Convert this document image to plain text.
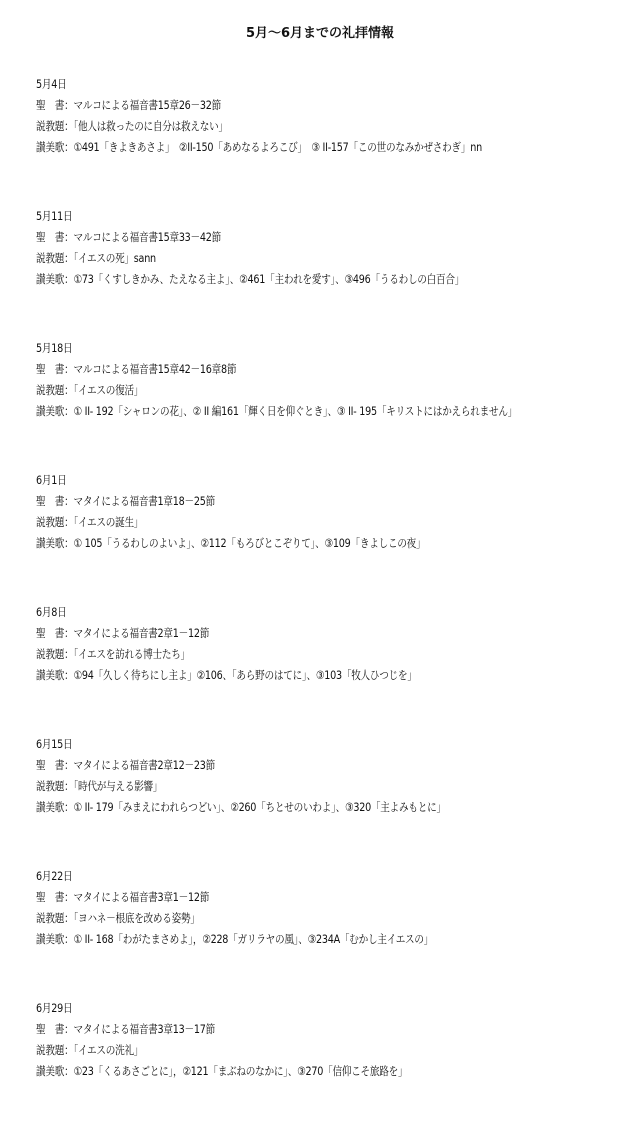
5月～6月までの礼拝情報
5月4日
聖　書：マルコによる福音書15章26－32節
説教題：「他人は救ったのに自分は救えない」
讃美歌：①491「きよきあさよ」　②II-150「あめなるよろこび」　③ II-157「この世のなみかぜさわぎ」nn
5月11日
聖　書：マルコによる福音書15章33－42節
説教題：「イエスの死」sann
讃美歌：①73「くすしきかみ、たえなる主よ」、②461「主われを愛す」、③496「うるわしの白百合」
5月18日
聖　書：マルコによる福音書15章42－16章8節
説教題：「イエスの復活」
讃美歌：① II- 192「シャロンの花」、② II 編161「輝く日を仰ぐとき」、③ II- 195「キリストにはかえられません」
6月1日
聖　書：マタイによる福音書1章18－25節
説教題：「イエスの誕生」
讃美歌：① 105「うるわしのよいよ」、②112「もろびとこぞりて」、③109「きよしこの夜」
6月8日
聖　書：マタイによる福音書2章1－12節
説教題：「イエスを訪れる博士たち」
讃美歌：①94「久しく待ちにし主よ」②106、「あら野のはてに」、③103「牧人ひつじを」
6月15日
聖　書：マタイによる福音書2章12－23節
説教題：「時代が与える影響」
讃美歌：① II- 179「みまえにわれらつどい」、②260「ちとせのいわよ」、③320「主よみもとに」
6月22日
聖　書：マタイによる福音書3章1－12節
説教題：「ヨハネ－根底を改める姿勢」
讃美歌：① II- 168「わがたまさめよ」，②228「ガリラヤの風」、③234A「むかし主イエスの」
6月29日
聖　書：マタイによる福音書3章13－17節
説教題：「イエスの洗礼」
讃美歌：①23「くるあさごとに」，②121「まぶねのなかに」、③270「信仰こそ旅路を」
